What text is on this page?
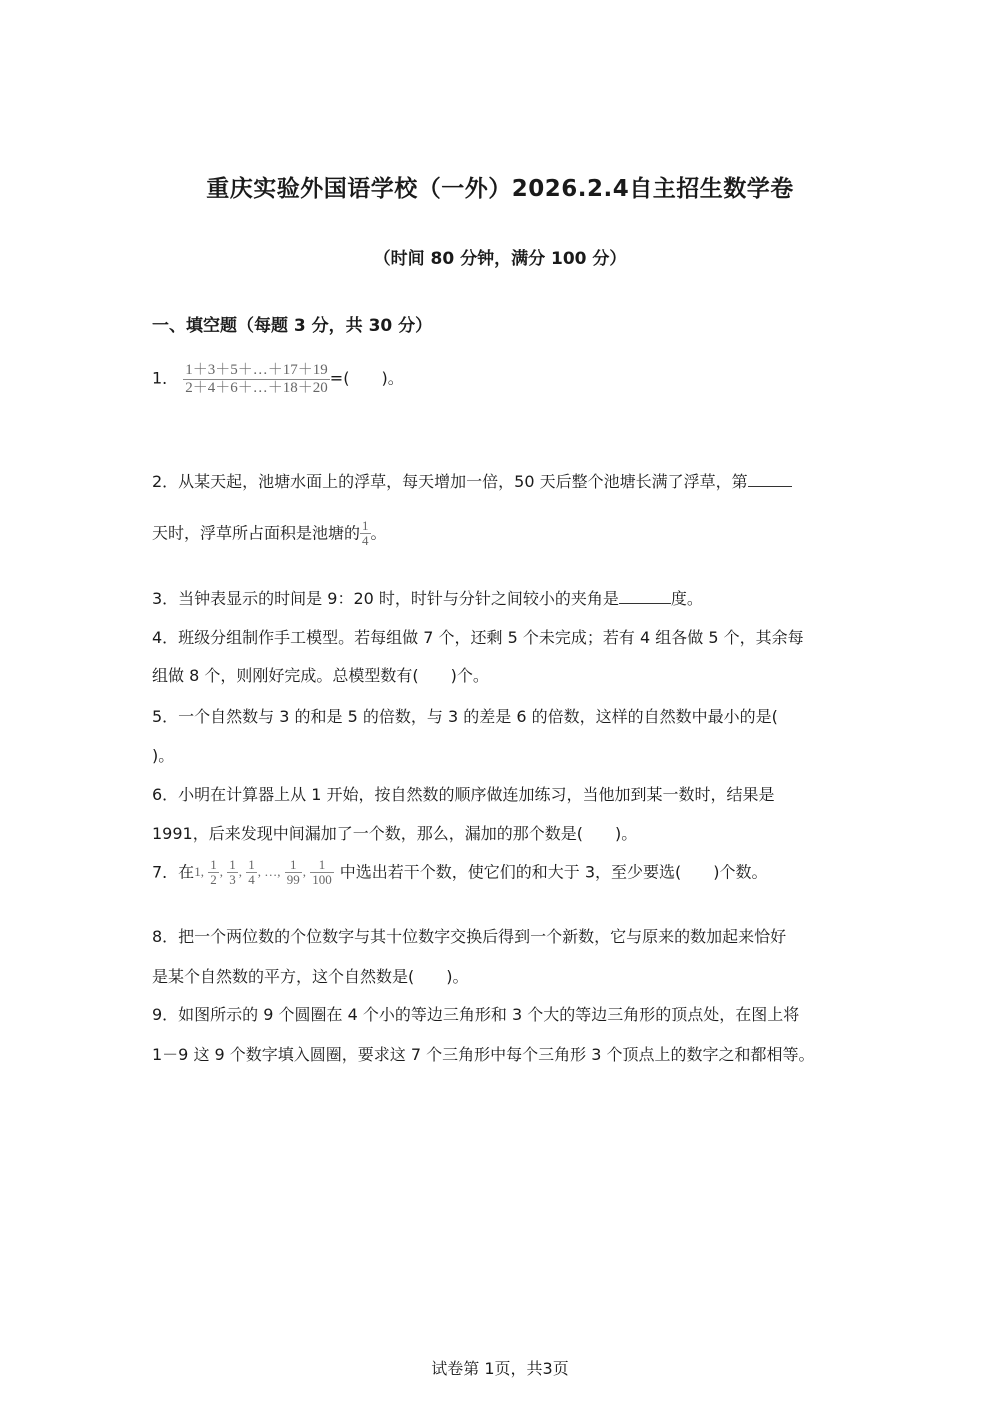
重庆实验外国语学校（一外）2026.2.4自主招生数学卷
（时间 80 分钟，满分 100 分）
一、填空题（每题 3 分，共 30 分）
1． $\frac{1+3+5+\dots+17+19}{2+4+6+\dots+18+20}$ =(　　)。
2．从某天起，池塘水面上的浮草，每天增加一倍，50 天后整个池塘长满了浮草，第
天时，浮草所占面积是池塘的 $\frac{1}{4}$ 。
3．当钟表显示的时间是 9：20 时，时针与分针之间较小的夹角是	度。
4．班级分组制作手工模型。若每组做 7 个，还剩 5 个未完成；若有 4 组各做 5 个，其余每
组做 8 个，则刚好完成。总模型数有(　　)个。
5．一个自然数与 3 的和是 5 的倍数，与 3 的差是 6 的倍数，这样的自然数中最小的是(
)。
6．小明在计算器上从 1 开始，按自然数的顺序做连加练习，当他加到某一数时，结果是
1991，后来发现中间漏加了一个数，那么，漏加的那个数是(　　)。
7．在1, $\frac{1}{2}$ , $\frac{1}{3}$ , $\frac{1}{4}$ , …, $\frac{1}{99}$ , $\frac{1}{100}$ 中选出若干个数，使它们的和大于 3，至少要选(　　)个数。
8．把一个两位数的个位数字与其十位数字交换后得到一个新数，它与原来的数加起来恰好
是某个自然数的平方，这个自然数是(　　)。
9．如图所示的 9 个圆圈在 4 个小的等边三角形和 3 个大的等边三角形的顶点处，在图上将
1－9 这 9 个数字填入圆圈，要求这 7 个三角形中每个三角形 3 个顶点上的数字之和都相等。
试卷第 1页，共3页
